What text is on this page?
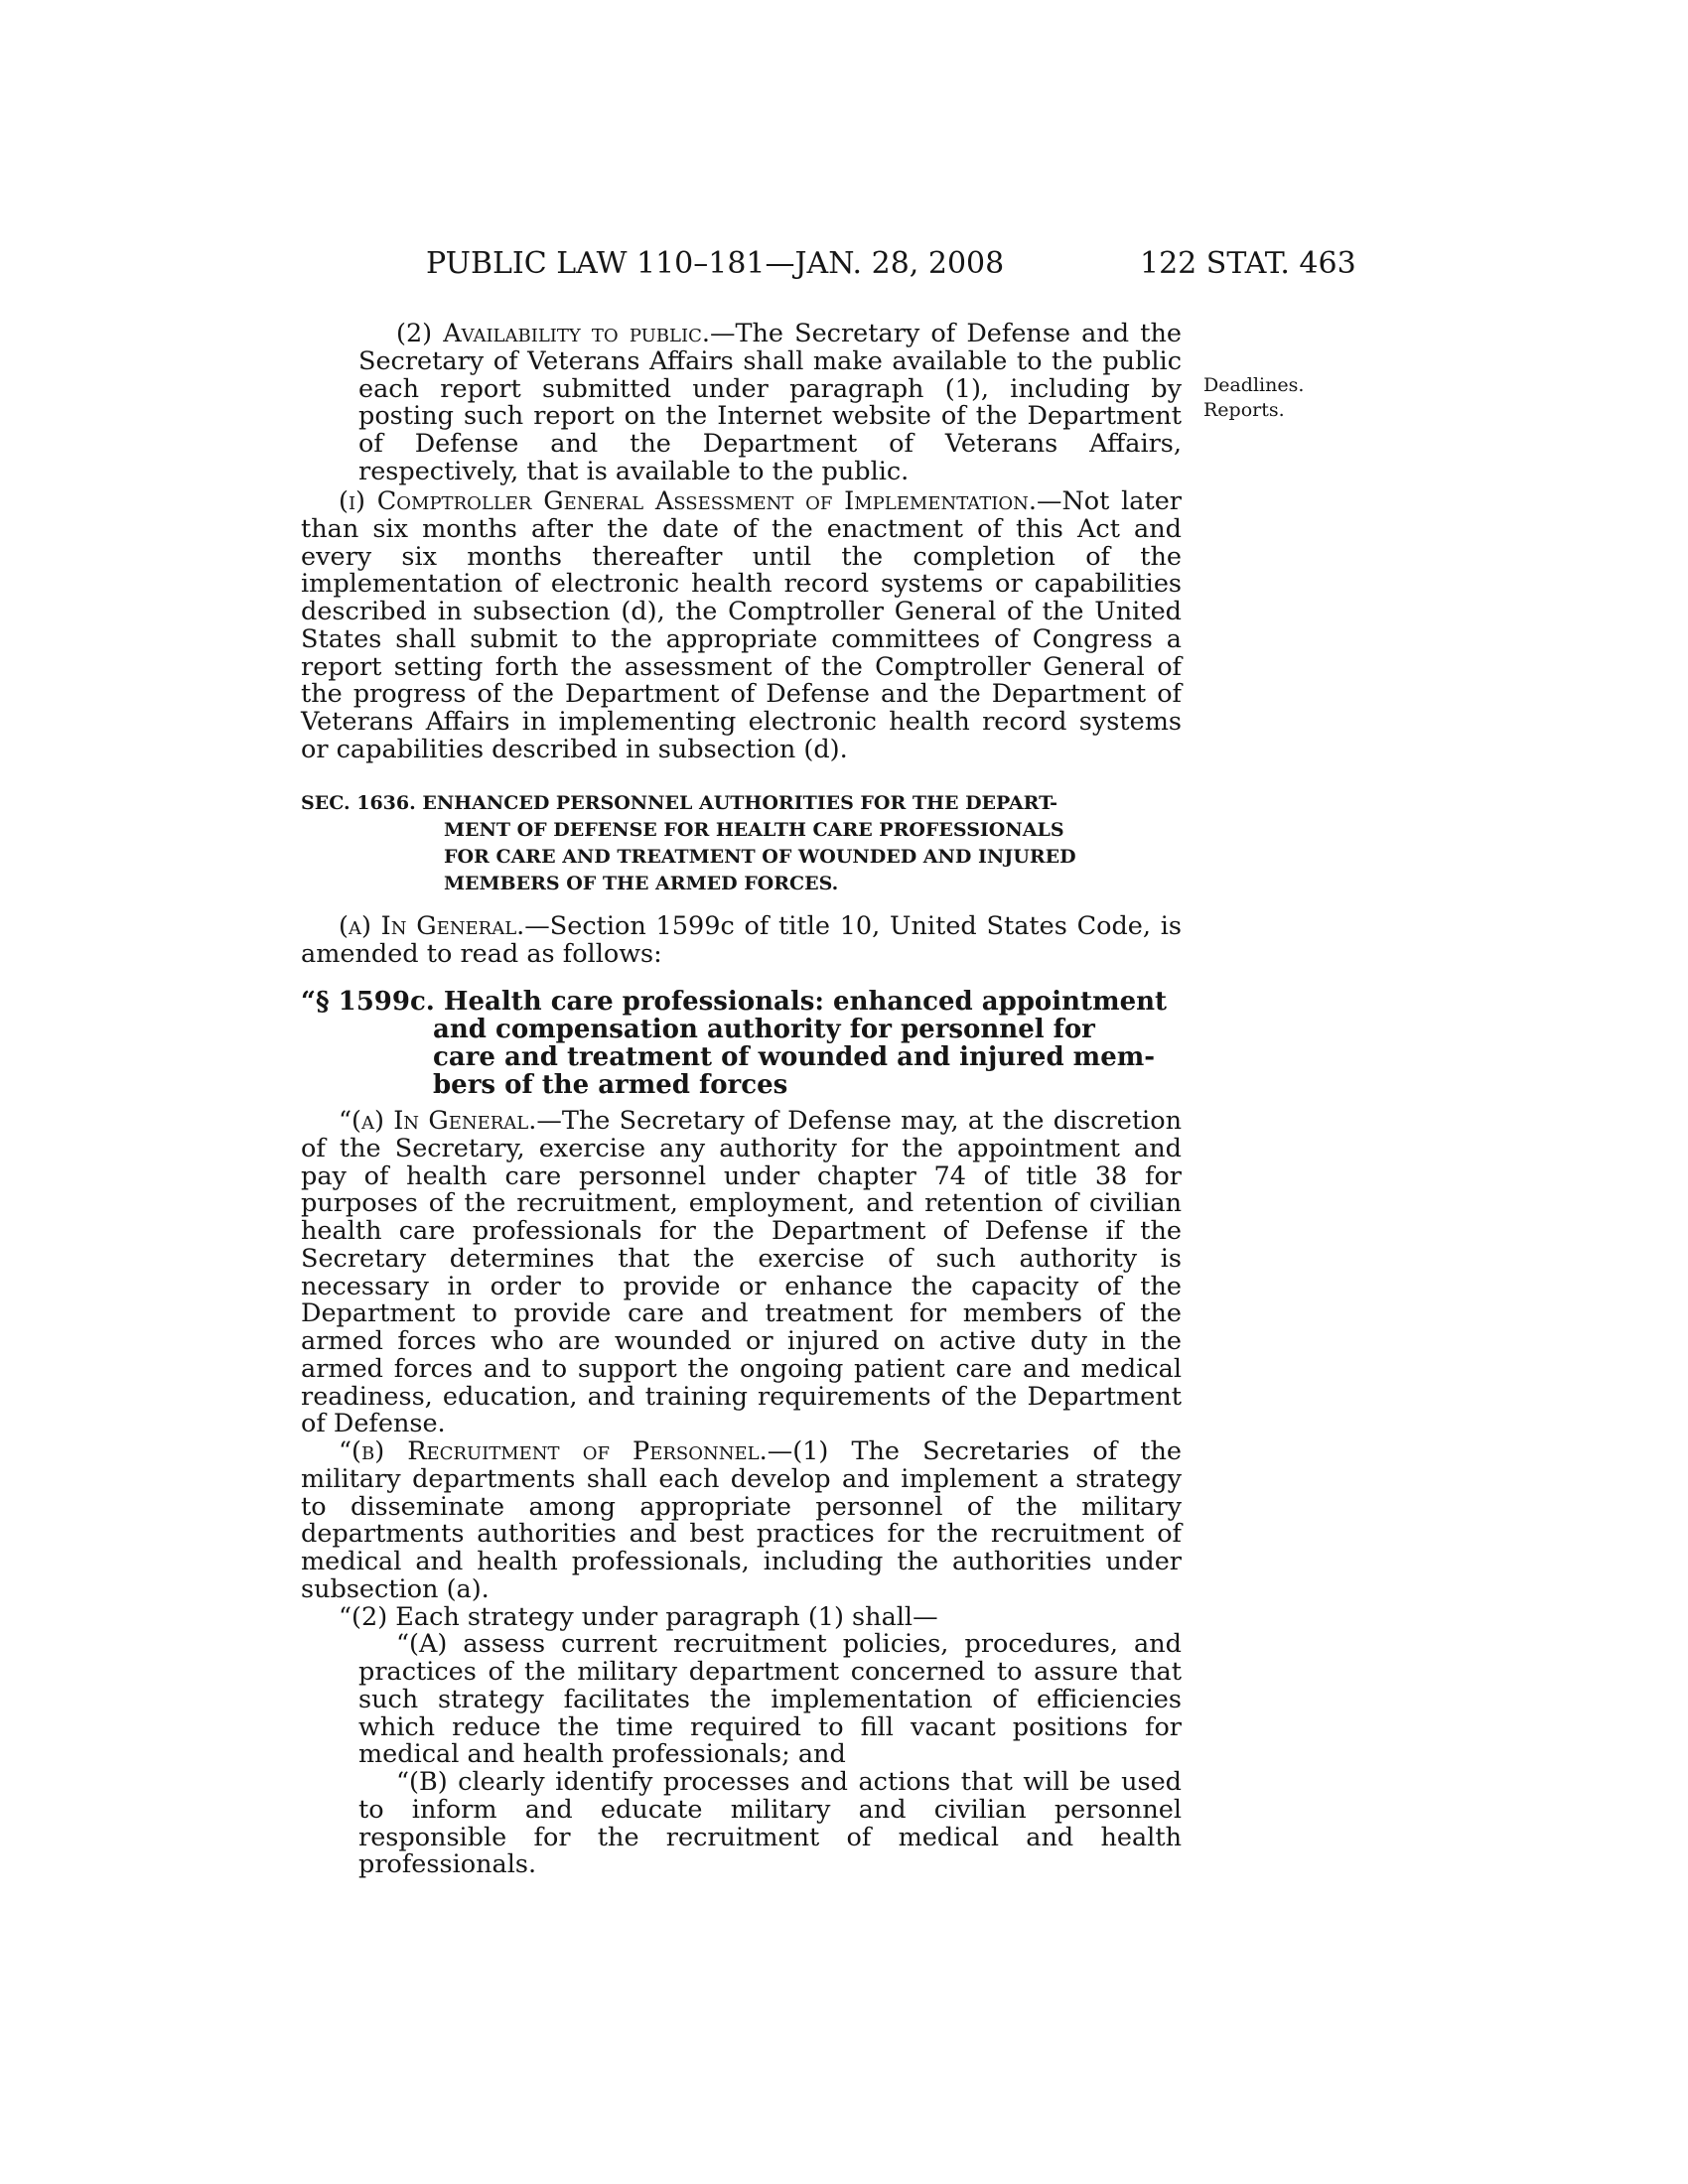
PUBLIC LAW 110–181—JAN. 28, 2008	122 STAT. 463
Deadlines.
Reports.

(2) Availability to public.—The Secretary of Defense and the Secretary of Veterans Affairs shall make available to the public each report submitted under paragraph (1), including by posting such report on the Internet website of the Department of Defense and the Department of Veterans Affairs, respectively, that is available to the public.

(i) Comptroller General Assessment of Implementation.—Not later than six months after the date of the enactment of this Act and every six months thereafter until the completion of the implementation of electronic health record systems or capabilities described in subsection (d), the Comptroller General of the United States shall submit to the appropriate committees of Congress a report setting forth the assessment of the Comptroller General of the progress of the Department of Defense and the Department of Veterans Affairs in implementing electronic health record systems or capabilities described in subsection (d).

SEC. 1636. ENHANCED PERSONNEL AUTHORITIES FOR THE DEPART-
MENT OF DEFENSE FOR HEALTH CARE PROFESSIONALS
FOR CARE AND TREATMENT OF WOUNDED AND INJURED
MEMBERS OF THE ARMED FORCES.

(a) In General.—Section 1599c of title 10, United States Code, is amended to read as follows:

“§ 1599c. Health care professionals: enhanced appointment
and compensation authority for personnel for
care and treatment of wounded and injured mem-
bers of the armed forces

“(a) In General.—The Secretary of Defense may, at the discretion of the Secretary, exercise any authority for the appointment and pay of health care personnel under chapter 74 of title 38 for purposes of the recruitment, employment, and retention of civilian health care professionals for the Department of Defense if the Secretary determines that the exercise of such authority is necessary in order to provide or enhance the capacity of the Department to provide care and treatment for members of the armed forces who are wounded or injured on active duty in the armed forces and to support the ongoing patient care and medical readiness, education, and training requirements of the Department of Defense.

“(b) Recruitment of Personnel.—(1) The Secretaries of the military departments shall each develop and implement a strategy to disseminate among appropriate personnel of the military departments authorities and best practices for the recruitment of medical and health professionals, including the authorities under subsection (a).

“(2) Each strategy under paragraph (1) shall—

“(A) assess current recruitment policies, procedures, and practices of the military department concerned to assure that such strategy facilitates the implementation of efficiencies which reduce the time required to fill vacant positions for medical and health professionals; and

“(B) clearly identify processes and actions that will be used to inform and educate military and civilian personnel responsible for the recruitment of medical and health professionals.
